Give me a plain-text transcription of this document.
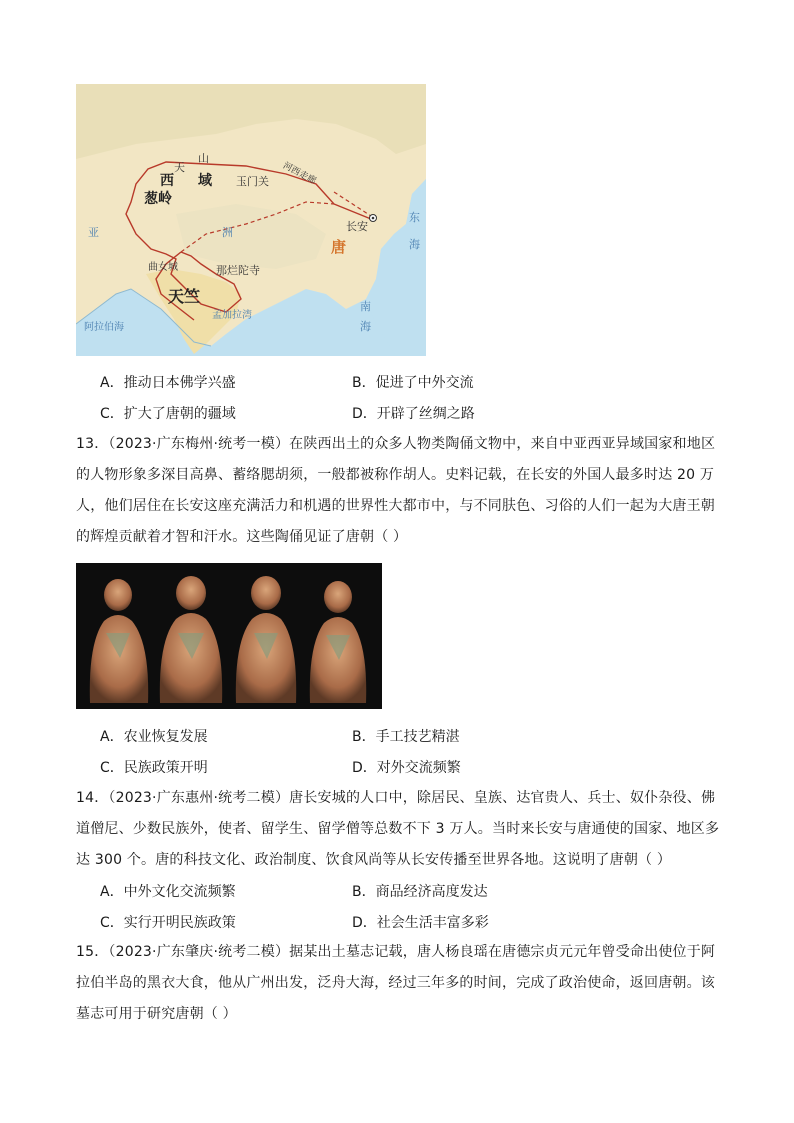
天
山
西 域
葱岭
玉门关 河西走廊
长安
唐
亚	洲
曲女城	那烂陀寺
天竺
孟加拉湾
阿拉伯海
东
海
南
海
A．推动日本佛学兴盛	B．促进了中外交流
C．扩大了唐朝的疆域	D．开辟了丝绸之路
13．（2023·广东梅州·统考一模）在陕西出土的众多人物类陶俑文物中，来自中亚西亚异域国家和地区的人物形象多深目高鼻、蓄络腮胡须，一般都被称作胡人。史料记载，在长安的外国人最多时达 20 万人，他们居住在长安这座充满活力和机遇的世界性大都市中，与不同肤色、习俗的人们一起为大唐王朝的辉煌贡献着才智和汗水。这些陶俑见证了唐朝（ ）
A．农业恢复发展	B．手工技艺精湛
C．民族政策开明	D．对外交流频繁
14．（2023·广东惠州·统考二模）唐长安城的人口中，除居民、皇族、达官贵人、兵士、奴仆杂役、佛道僧尼、少数民族外，使者、留学生、留学僧等总数不下 3 万人。当时来长安与唐通使的国家、地区多达 300 个。唐的科技文化、政治制度、饮食风尚等从长安传播至世界各地。这说明了唐朝（ ）
A．中外文化交流频繁	B．商品经济高度发达
C．实行开明民族政策	D．社会生活丰富多彩
15．（2023·广东肇庆·统考二模）据某出土墓志记载，唐人杨良瑶在唐德宗贞元元年曾受命出使位于阿拉伯半岛的黑衣大食，他从广州出发，泛舟大海，经过三年多的时间，完成了政治使命，返回唐朝。该墓志可用于研究唐朝（ ）
